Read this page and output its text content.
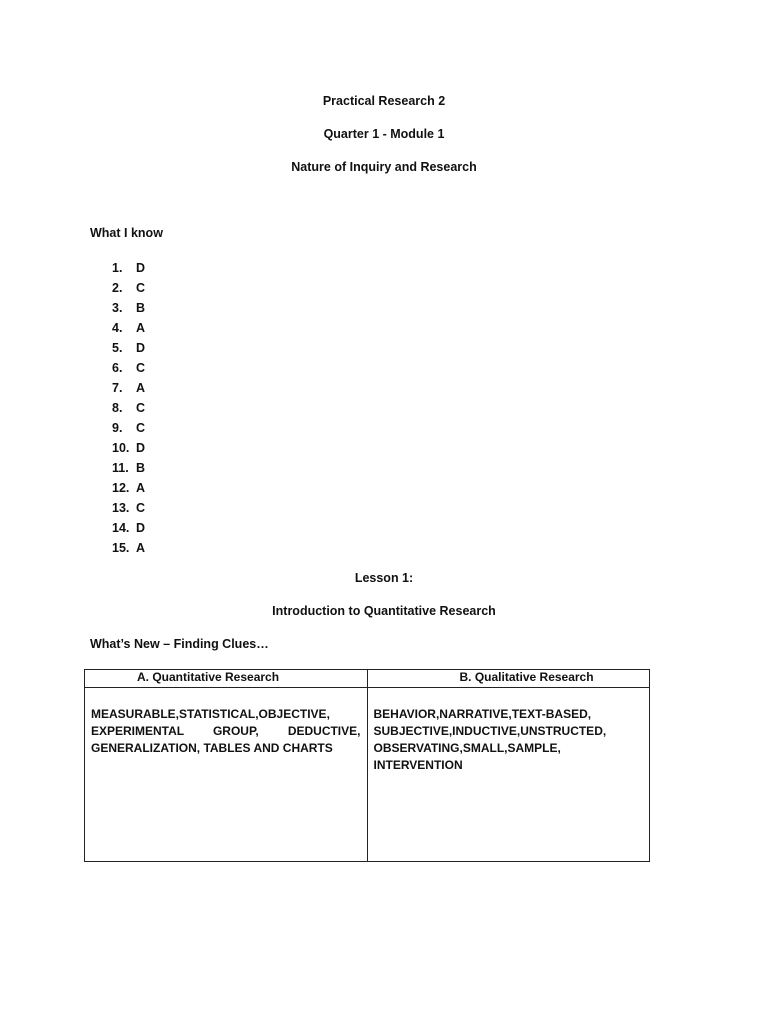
Practical Research 2
Quarter 1 - Module 1
Nature of Inquiry and Research
What I know
1.	D
2.	C
3.	B
4.	A
5.	D
6.	C
7.	A
8.	C
9.	C
10. D
11. B
12. A
13. C
14. D
15. A
Lesson 1:
Introduction to Quantitative Research
What’s New – Finding Clues…
A. Quantitative Research	B. Qualitative Research
MEASURABLE,STATISTICAL,OBJECTIVE, EXPERIMENTAL GROUP, DEDUCTIVE, GENERALIZATION, TABLES AND CHARTS	BEHAVIOR,NARRATIVE,TEXT-BASED, SUBJECTIVE,INDUCTIVE,UNSTRUCTED, OBSERVATING,SMALL,SAMPLE, INTERVENTION
